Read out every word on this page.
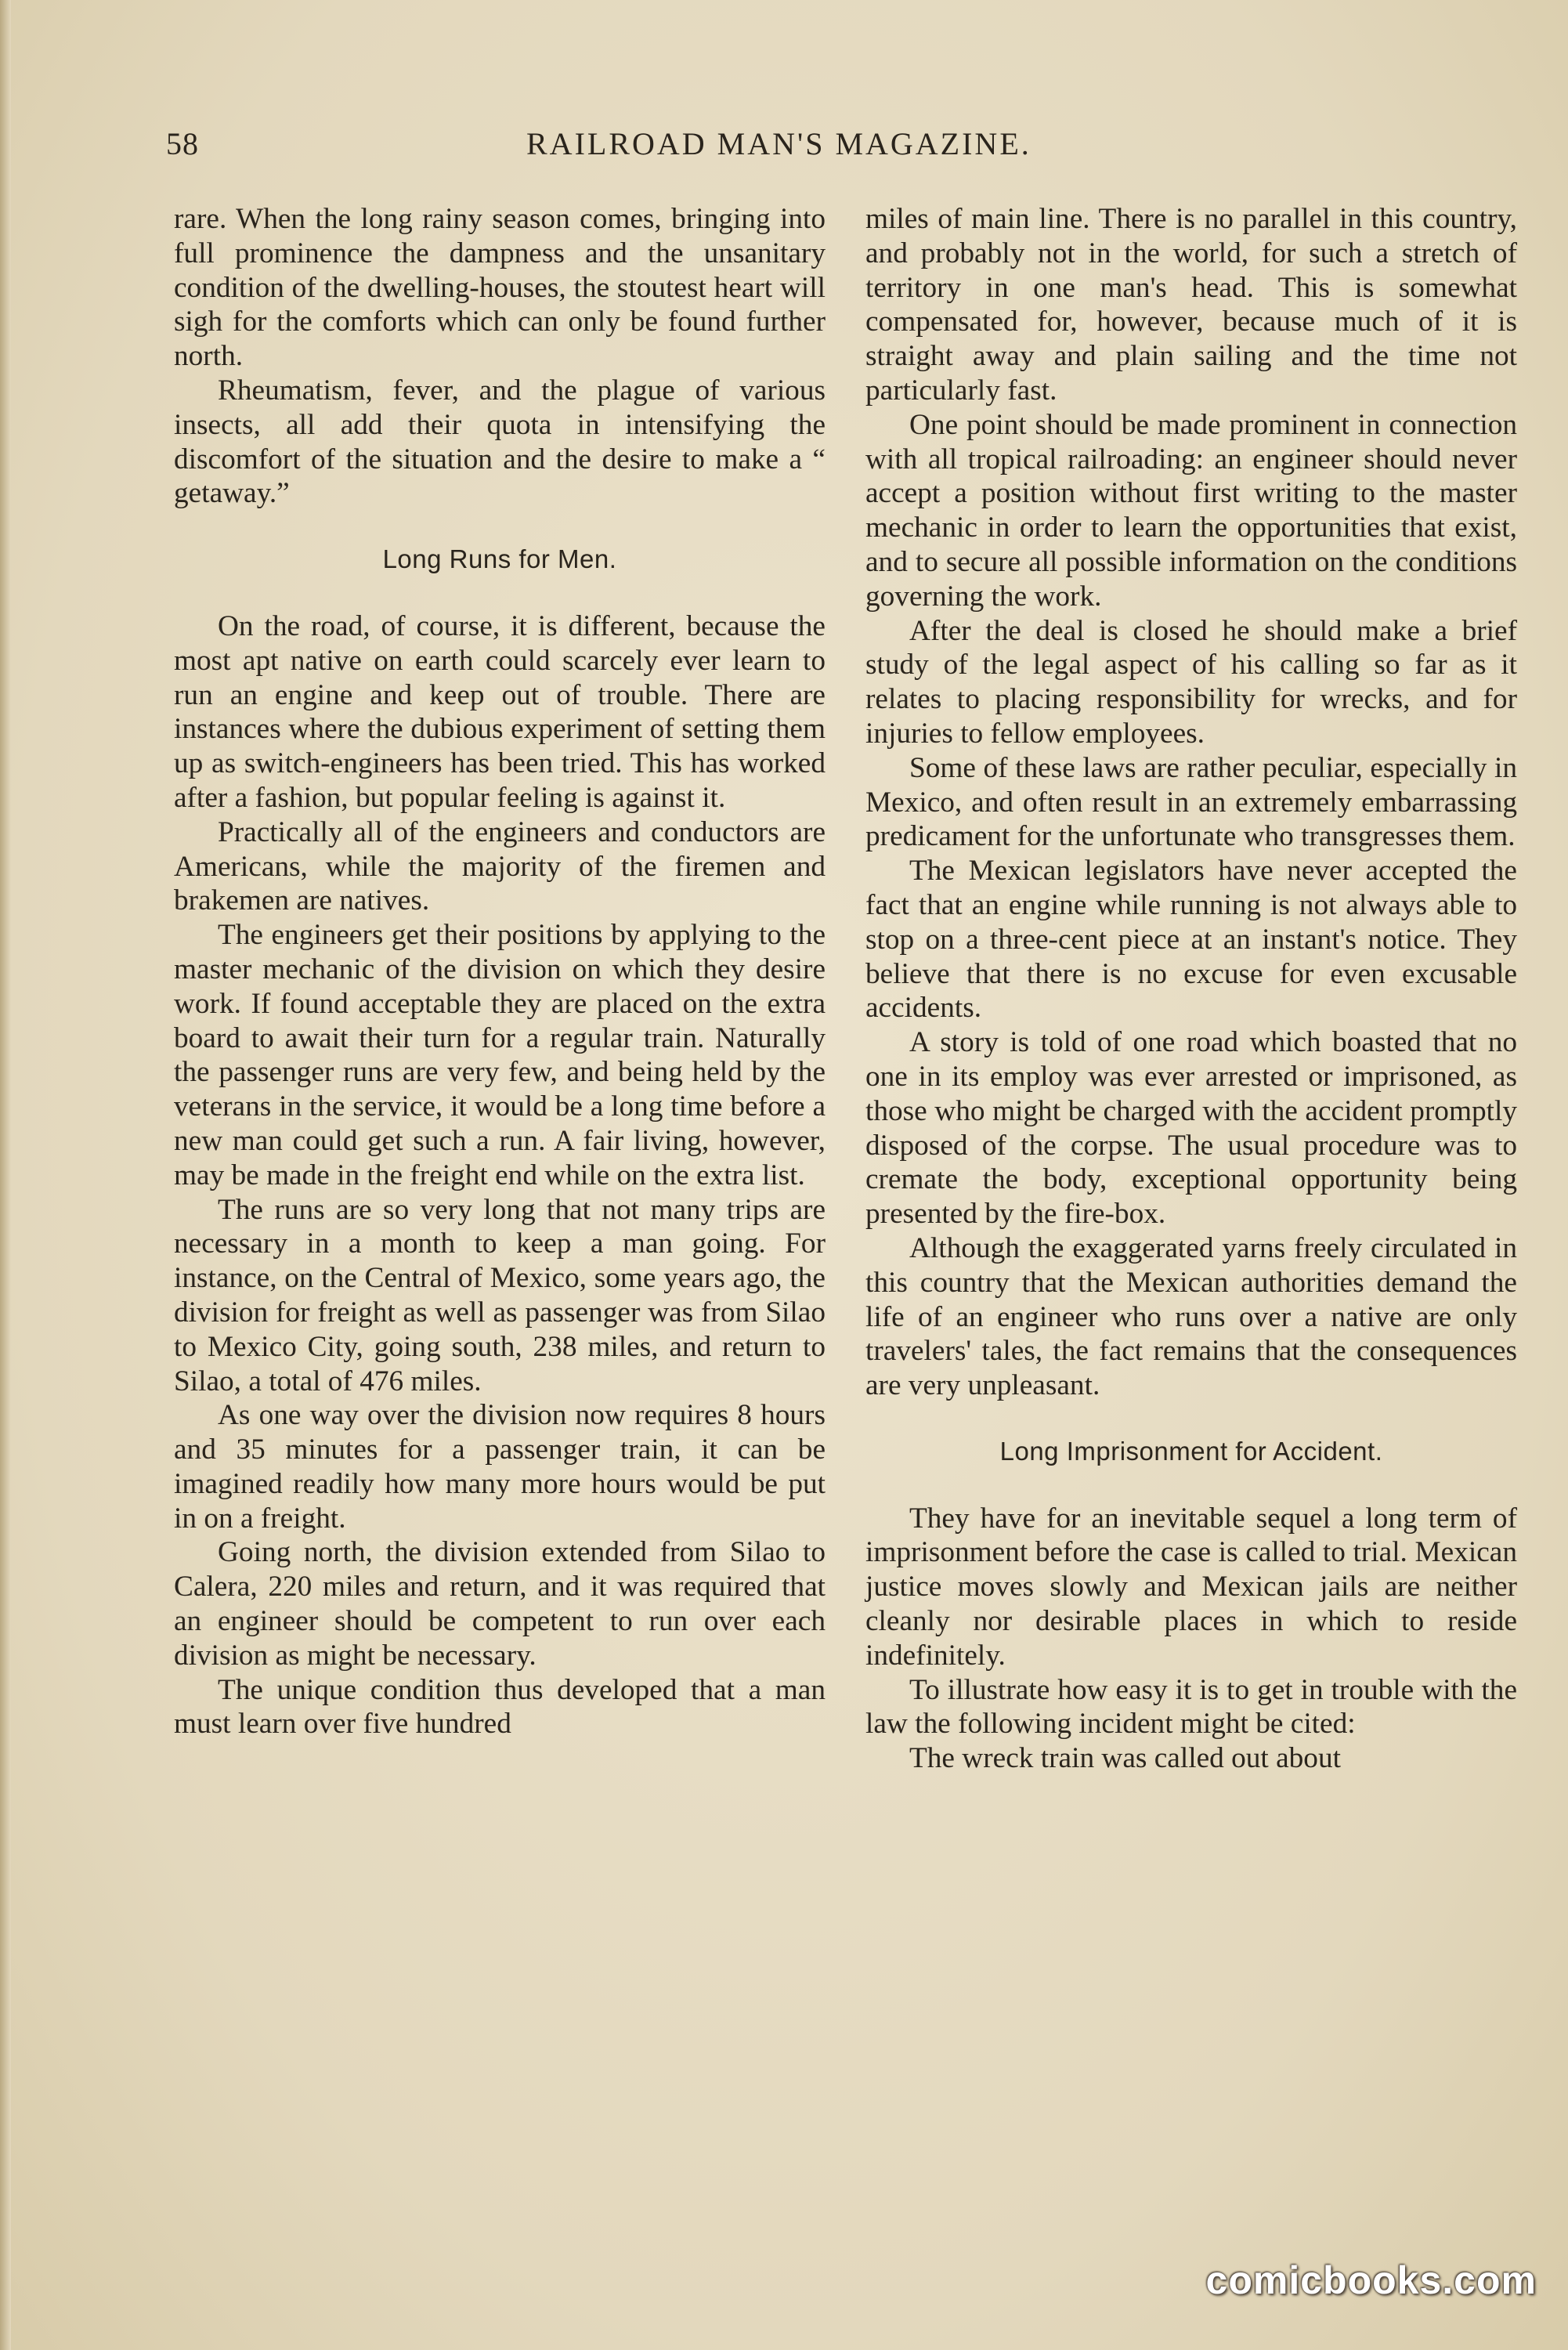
58	RAILROAD MAN'S MAGAZINE.

rare. When the long rainy season comes, bringing into full prominence the dampness and the unsanitary condition of the dwelling-houses, the stoutest heart will sigh for the comforts which can only be found further north.

Rheumatism, fever, and the plague of various insects, all add their quota in intensifying the discomfort of the situation and the desire to make a “ getaway.”

Long Runs for Men.

On the road, of course, it is different, because the most apt native on earth could scarcely ever learn to run an engine and keep out of trouble. There are instances where the dubious experiment of setting them up as switch-engineers has been tried. This has worked after a fashion, but popular feeling is against it.

Practically all of the engineers and conductors are Americans, while the majority of the firemen and brakemen are natives.

The engineers get their positions by applying to the master mechanic of the division on which they desire work. If found acceptable they are placed on the extra board to await their turn for a regular train. Naturally the passenger runs are very few, and being held by the veterans in the service, it would be a long time before a new man could get such a run. A fair living, however, may be made in the freight end while on the extra list.

The runs are so very long that not many trips are necessary in a month to keep a man going. For instance, on the Central of Mexico, some years ago, the division for freight as well as passenger was from Silao to Mexico City, going south, 238 miles, and return to Silao, a total of 476 miles.

As one way over the division now requires 8 hours and 35 minutes for a passenger train, it can be imagined readily how many more hours would be put in on a freight.

Going north, the division extended from Silao to Calera, 220 miles and return, and it was required that an engineer should be competent to run over each division as might be necessary.

The unique condition thus developed that a man must learn over five hundred

miles of main line. There is no parallel in this country, and probably not in the world, for such a stretch of territory in one man's head. This is somewhat compensated for, however, because much of it is straight away and plain sailing and the time not particularly fast.

One point should be made prominent in connection with all tropical railroading: an engineer should never accept a position without first writing to the master mechanic in order to learn the opportunities that exist, and to secure all possible information on the conditions governing the work.

After the deal is closed he should make a brief study of the legal aspect of his calling so far as it relates to placing responsibility for wrecks, and for injuries to fellow employees.

Some of these laws are rather peculiar, especially in Mexico, and often result in an extremely embarrassing predicament for the unfortunate who transgresses them.

The Mexican legislators have never accepted the fact that an engine while running is not always able to stop on a three-cent piece at an instant's notice. They believe that there is no excuse for even excusable accidents.

A story is told of one road which boasted that no one in its employ was ever arrested or imprisoned, as those who might be charged with the accident promptly disposed of the corpse. The usual procedure was to cremate the body, exceptional opportunity being presented by the fire-box.

Although the exaggerated yarns freely circulated in this country that the Mexican authorities demand the life of an engineer who runs over a native are only travelers' tales, the fact remains that the consequences are very unpleasant.

Long Imprisonment for Accident.

They have for an inevitable sequel a long term of imprisonment before the case is called to trial. Mexican justice moves slowly and Mexican jails are neither cleanly nor desirable places in which to reside indefinitely.

To illustrate how easy it is to get in trouble with the law the following incident might be cited:

The wreck train was called out about

comicbooks.com
